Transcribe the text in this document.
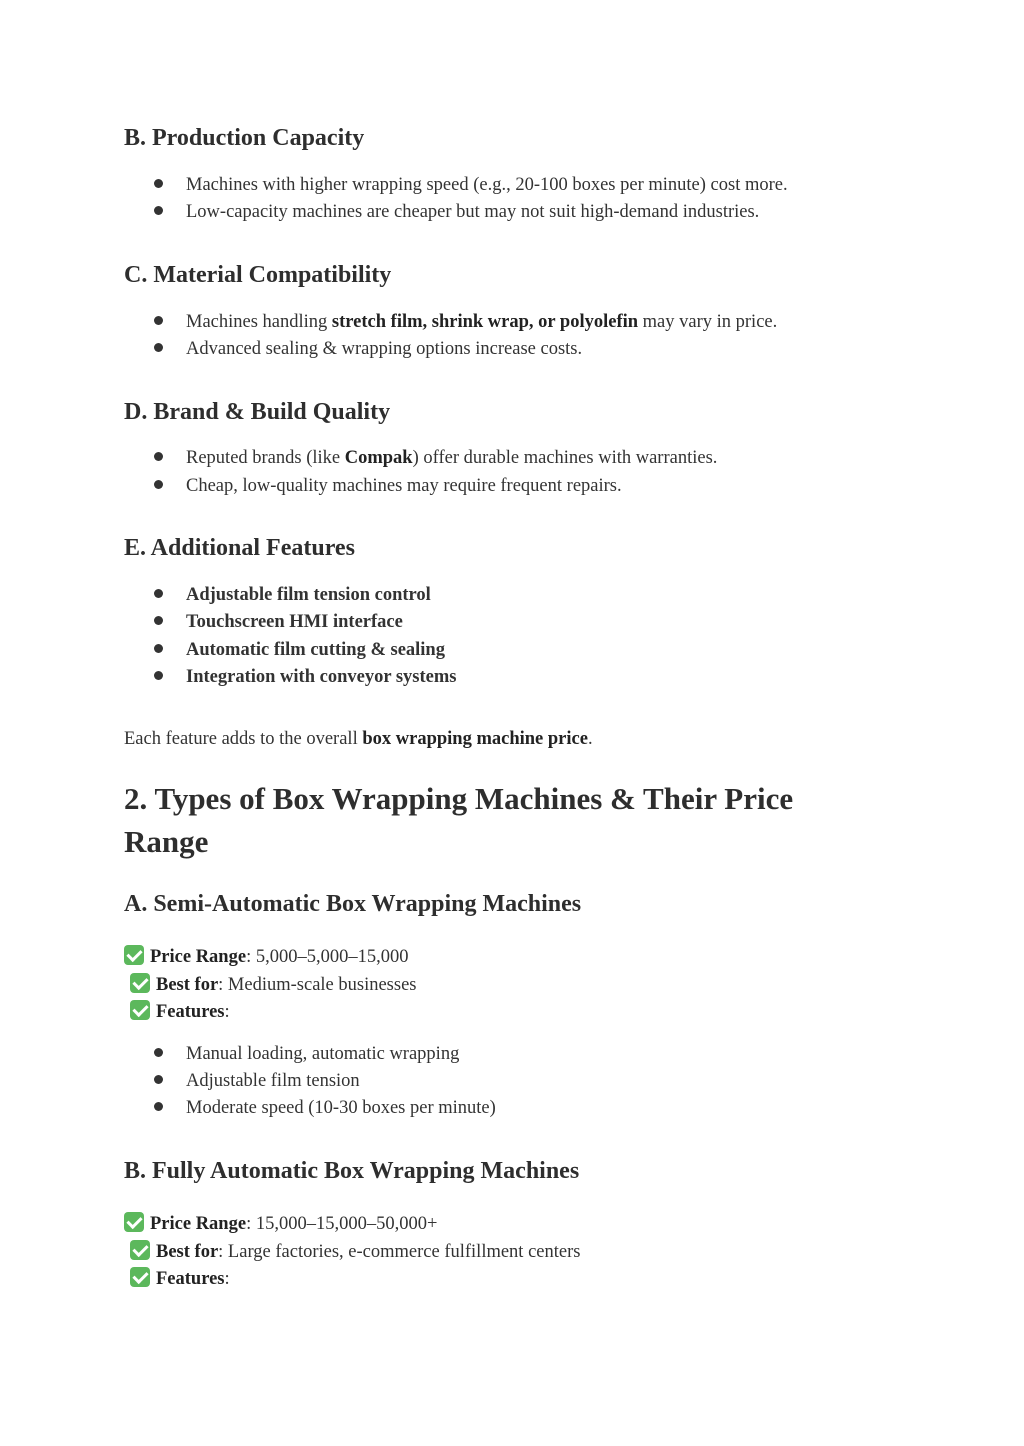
B. Production Capacity
Machines with higher wrapping speed (e.g., 20-100 boxes per minute) cost more.
Low-capacity machines are cheaper but may not suit high-demand industries.
C. Material Compatibility
Machines handling stretch film, shrink wrap, or polyolefin may vary in price.
Advanced sealing & wrapping options increase costs.
D. Brand & Build Quality
Reputed brands (like Compak) offer durable machines with warranties.
Cheap, low-quality machines may require frequent repairs.
E. Additional Features
Adjustable film tension control
Touchscreen HMI interface
Automatic film cutting & sealing
Integration with conveyor systems

Each feature adds to the overall box wrapping machine price.

2. Types of Box Wrapping Machines & Their Price Range
A. Semi-Automatic Box Wrapping Machines
Price Range: 5,000–5,000–15,000
Best for: Medium-scale businesses
Features:
Manual loading, automatic wrapping
Adjustable film tension
Moderate speed (10-30 boxes per minute)
B. Fully Automatic Box Wrapping Machines
Price Range: 15,000–15,000–50,000+
Best for: Large factories, e-commerce fulfillment centers
Features:
